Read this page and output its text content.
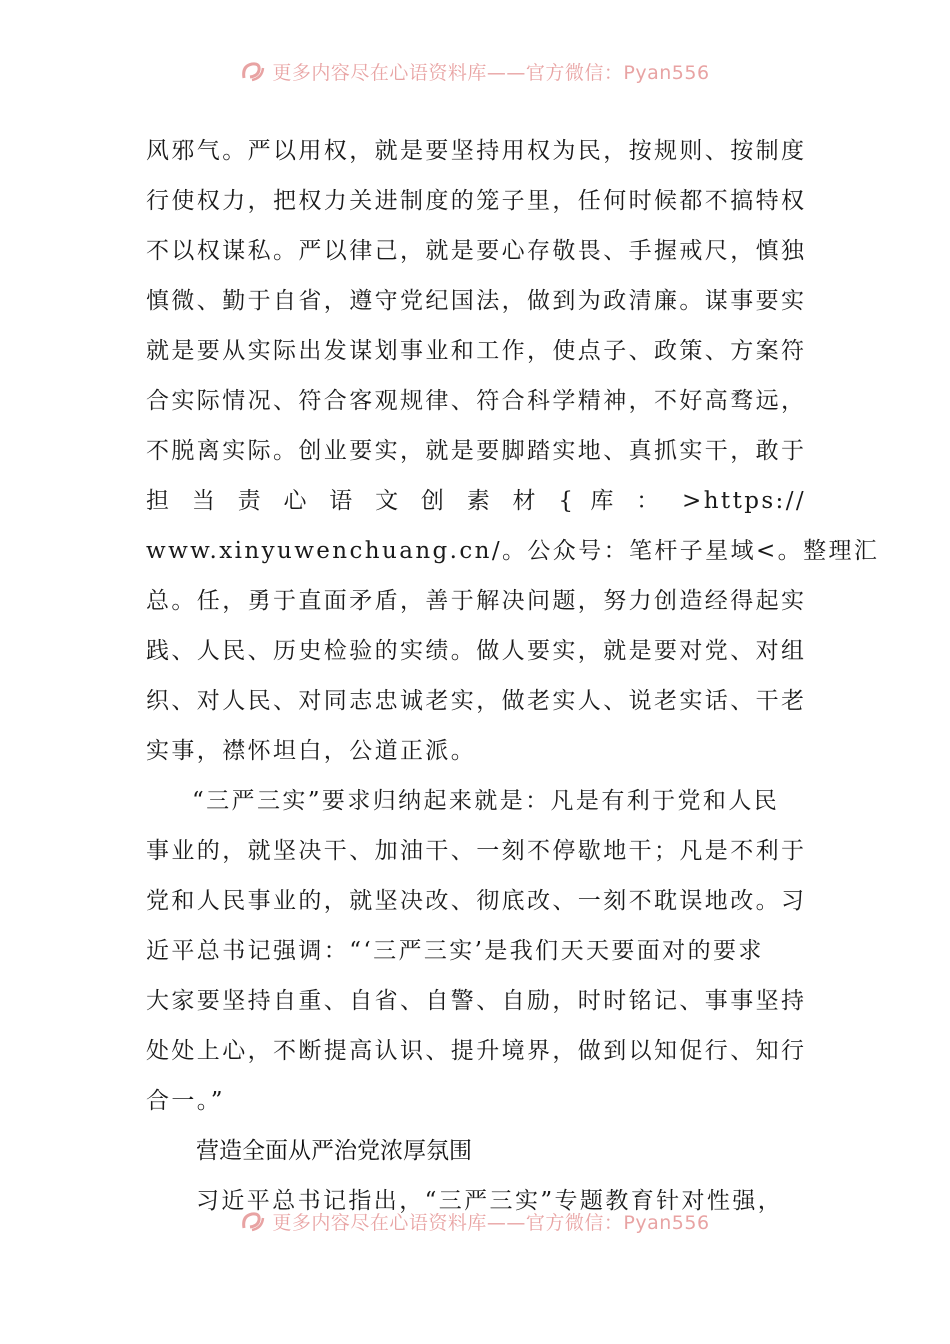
更多内容尽在心语资料库——官方微信：Pyan556
风邪气。严以用权，就是要坚持用权为民，按规则、按制度
行使权力，把权力关进制度的笼子里，任何时候都不搞特权
不以权谋私。严以律己，就是要心存敬畏、手握戒尺，慎独
慎微、勤于自省，遵守党纪国法，做到为政清廉。谋事要实
就是要从实际出发谋划事业和工作，使点子、政策、方案符
合实际情况、符合客观规律、符合科学精神，不好高骛远，
不脱离实际。创业要实，就是要脚踏实地、真抓实干，敢于
担 当 责 心 语 文 创 素 材 { 库 ： >https://
www.xinyuwenchuang.cn/。公众号：笔杆子星域<。整理汇
总。任，勇于直面矛盾，善于解决问题，努力创造经得起实
践、人民、历史检验的实绩。做人要实，就是要对党、对组
织、对人民、对同志忠诚老实，做老实人、说老实话、干老
实事，襟怀坦白，公道正派。
“三严三实”要求归纳起来就是：凡是有利于党和人民
事业的，就坚决干、加油干、一刻不停歇地干；凡是不利于
党和人民事业的，就坚决改、彻底改、一刻不耽误地改。习
近平总书记强调：“‘三严三实’是我们天天要面对的要求
大家要坚持自重、自省、自警、自励，时时铭记、事事坚持
处处上心，不断提高认识、提升境界，做到以知促行、知行
合一。”
营造全面从严治党浓厚氛围
习近平总书记指出，“三严三实”专题教育针对性强，
更多内容尽在心语资料库——官方微信：Pyan556
